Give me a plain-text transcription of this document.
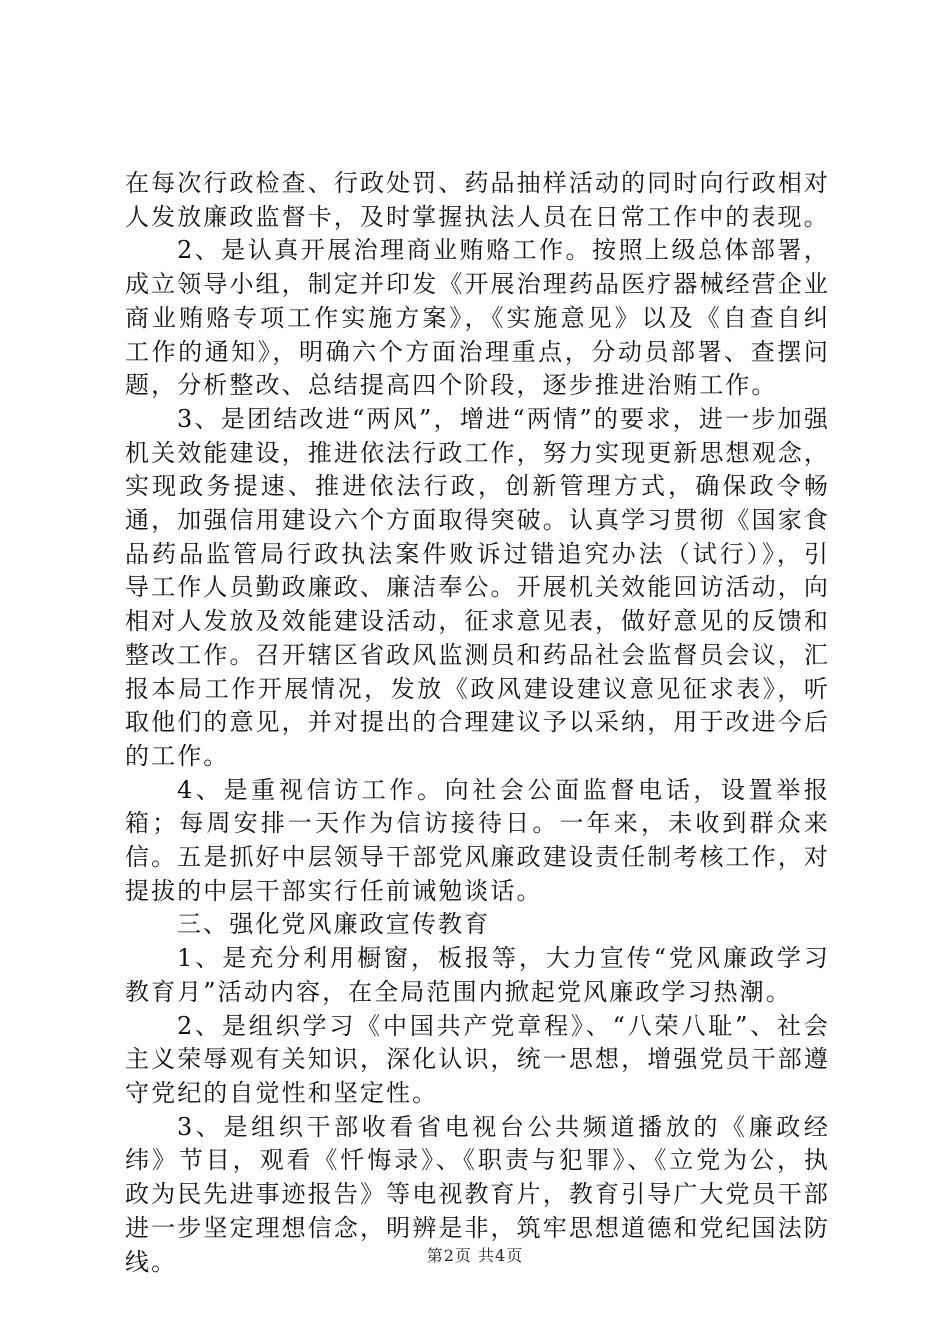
在每次行政检查、行政处罚、药品抽样活动的同时向行政相对人发放廉政监督卡，及时掌握执法人员在日常工作中的表现。

2、是认真开展治理商业贿赂工作。按照上级总体部署，成立领导小组，制定并印发《开展治理药品医疗器械经营企业商业贿赂专项工作实施方案》，《实施意见》以及《自查自纠工作的通知》，明确六个方面治理重点，分动员部署、查摆问题，分析整改、总结提高四个阶段，逐步推进治贿工作。

3、是团结改进“两风”，增进“两情”的要求，进一步加强机关效能建设，推进依法行政工作，努力实现更新思想观念，实现政务提速、推进依法行政，创新管理方式，确保政令畅通，加强信用建设六个方面取得突破。认真学习贯彻《国家食品药品监管局行政执法案件败诉过错追究办法（试行）》，引导工作人员勤政廉政、廉洁奉公。开展机关效能回访活动，向相对人发放及效能建设活动，征求意见表，做好意见的反馈和整改工作。召开辖区省政风监测员和药品社会监督员会议，汇报本局工作开展情况，发放《政风建设建议意见征求表》，听取他们的意见，并对提出的合理建议予以采纳，用于改进今后的工作。

4、是重视信访工作。向社会公面监督电话，设置举报箱；每周安排一天作为信访接待日。一年来，未收到群众来信。五是抓好中层领导干部党风廉政建设责任制考核工作，对提拔的中层干部实行任前诫勉谈话。

三、强化党风廉政宣传教育

1、是充分利用橱窗，板报等，大力宣传“党风廉政学习教育月”活动内容，在全局范围内掀起党风廉政学习热潮。

2、是组织学习《中国共产党章程》、“八荣八耻”、社会主义荣辱观有关知识，深化认识，统一思想，增强党员干部遵守党纪的自觉性和坚定性。

3、是组织干部收看省电视台公共频道播放的《廉政经纬》节目，观看《忏悔录》、《职责与犯罪》、《立党为公，执政为民先进事迹报告》等电视教育片，教育引导广大党员干部进一步坚定理想信念，明辨是非，筑牢思想道德和党纪国法防线。	第2页 共4页
